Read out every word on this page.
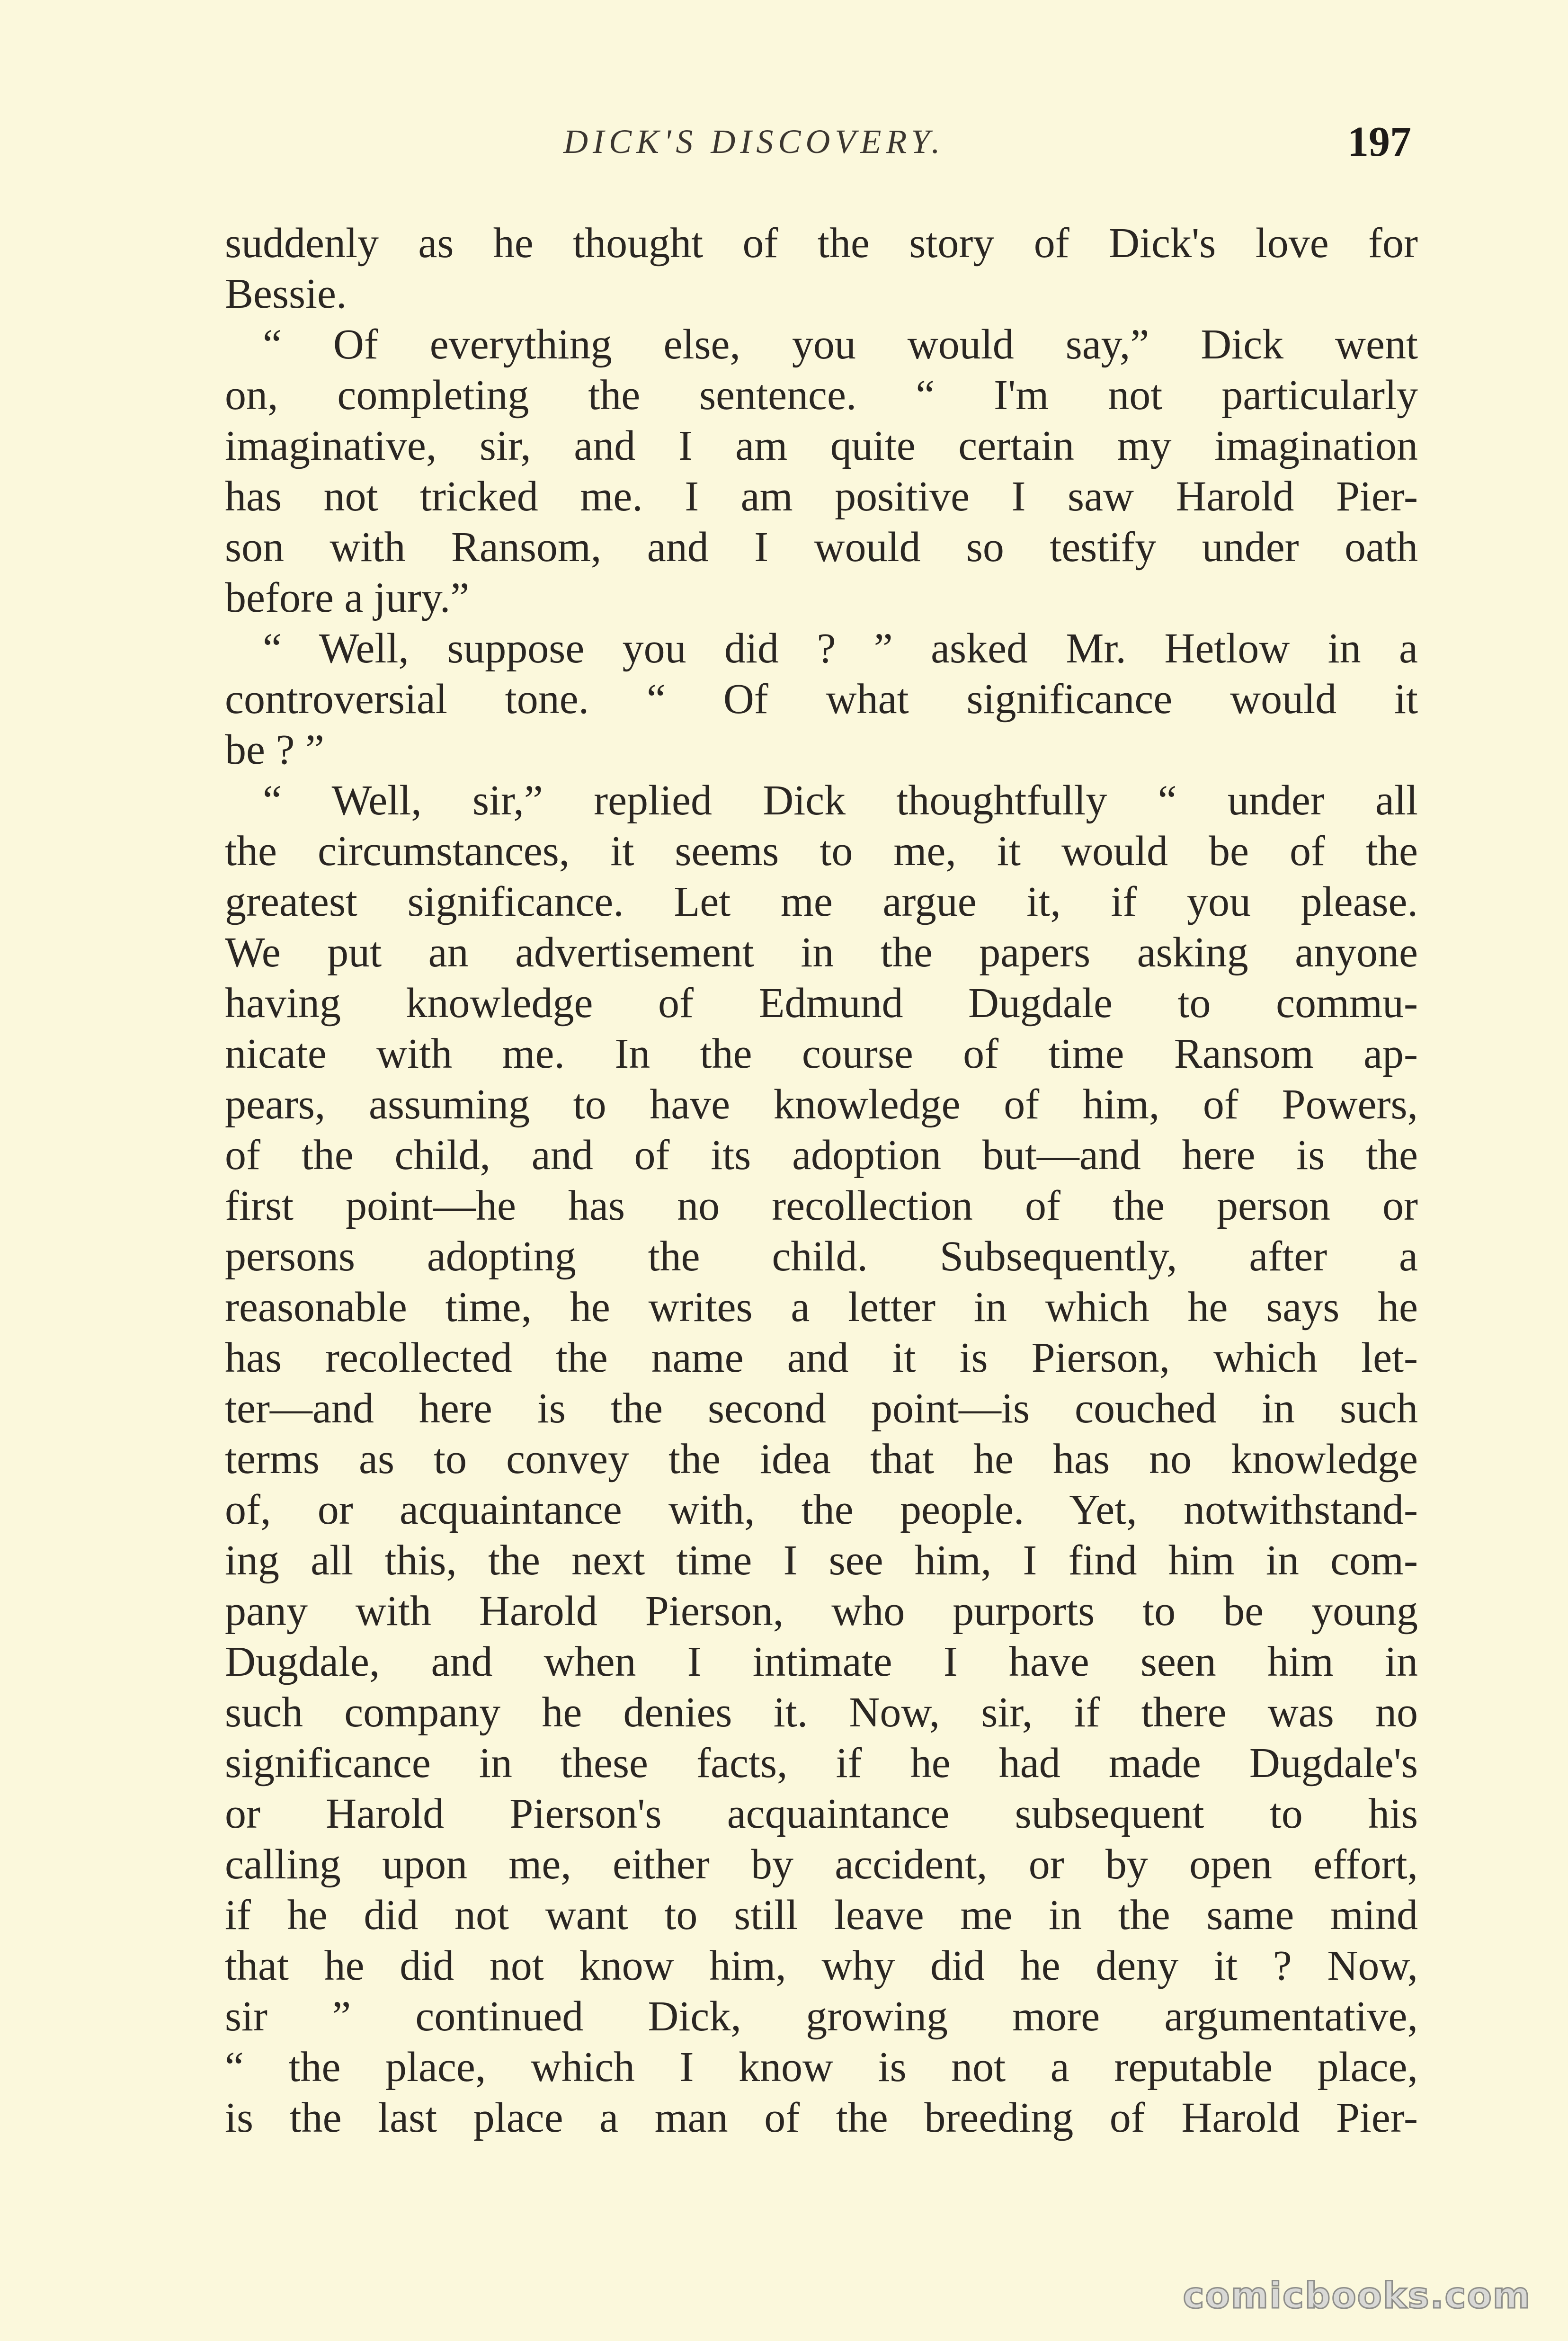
DICK'S DISCOVERY.	197
suddenly as he thought of the story of Dick's love for
Bessie.
“ Of everything else, you would say,” Dick went
on, completing the sentence. “ I'm not particularly
imaginative, sir, and I am quite certain my imagination
has not tricked me. I am positive I saw Harold Pier-
son with Ransom, and I would so testify under oath
before a jury.”
“ Well, suppose you did ? ” asked Mr. Hetlow in a
controversial tone. “ Of what significance would it
be ? ”
“ Well, sir,” replied Dick thoughtfully “ under all
the circumstances, it seems to me, it would be of the
greatest significance. Let me argue it, if you please.
We put an advertisement in the papers asking anyone
having knowledge of Edmund Dugdale to commu-
nicate with me. In the course of time Ransom ap-
pears, assuming to have knowledge of him, of Powers,
of the child, and of its adoption but—and here is the
first point—he has no recollection of the person or
persons adopting the child. Subsequently, after a
reasonable time, he writes a letter in which he says he
has recollected the name and it is Pierson, which let-
ter—and here is the second point—is couched in such
terms as to convey the idea that he has no knowledge
of, or acquaintance with, the people. Yet, notwithstand-
ing all this, the next time I see him, I find him in com-
pany with Harold Pierson, who purports to be young
Dugdale, and when I intimate I have seen him in
such company he denies it. Now, sir, if there was no
significance in these facts, if he had made Dugdale's
or Harold Pierson's acquaintance subsequent to his
calling upon me, either by accident, or by open effort,
if he did not want to still leave me in the same mind
that he did not know him, why did he deny it ? Now,
sir ” continued Dick, growing more argumentative,
“ the place, which I know is not a reputable place,
is the last place a man of the breeding of Harold Pier-
comicbooks.com
